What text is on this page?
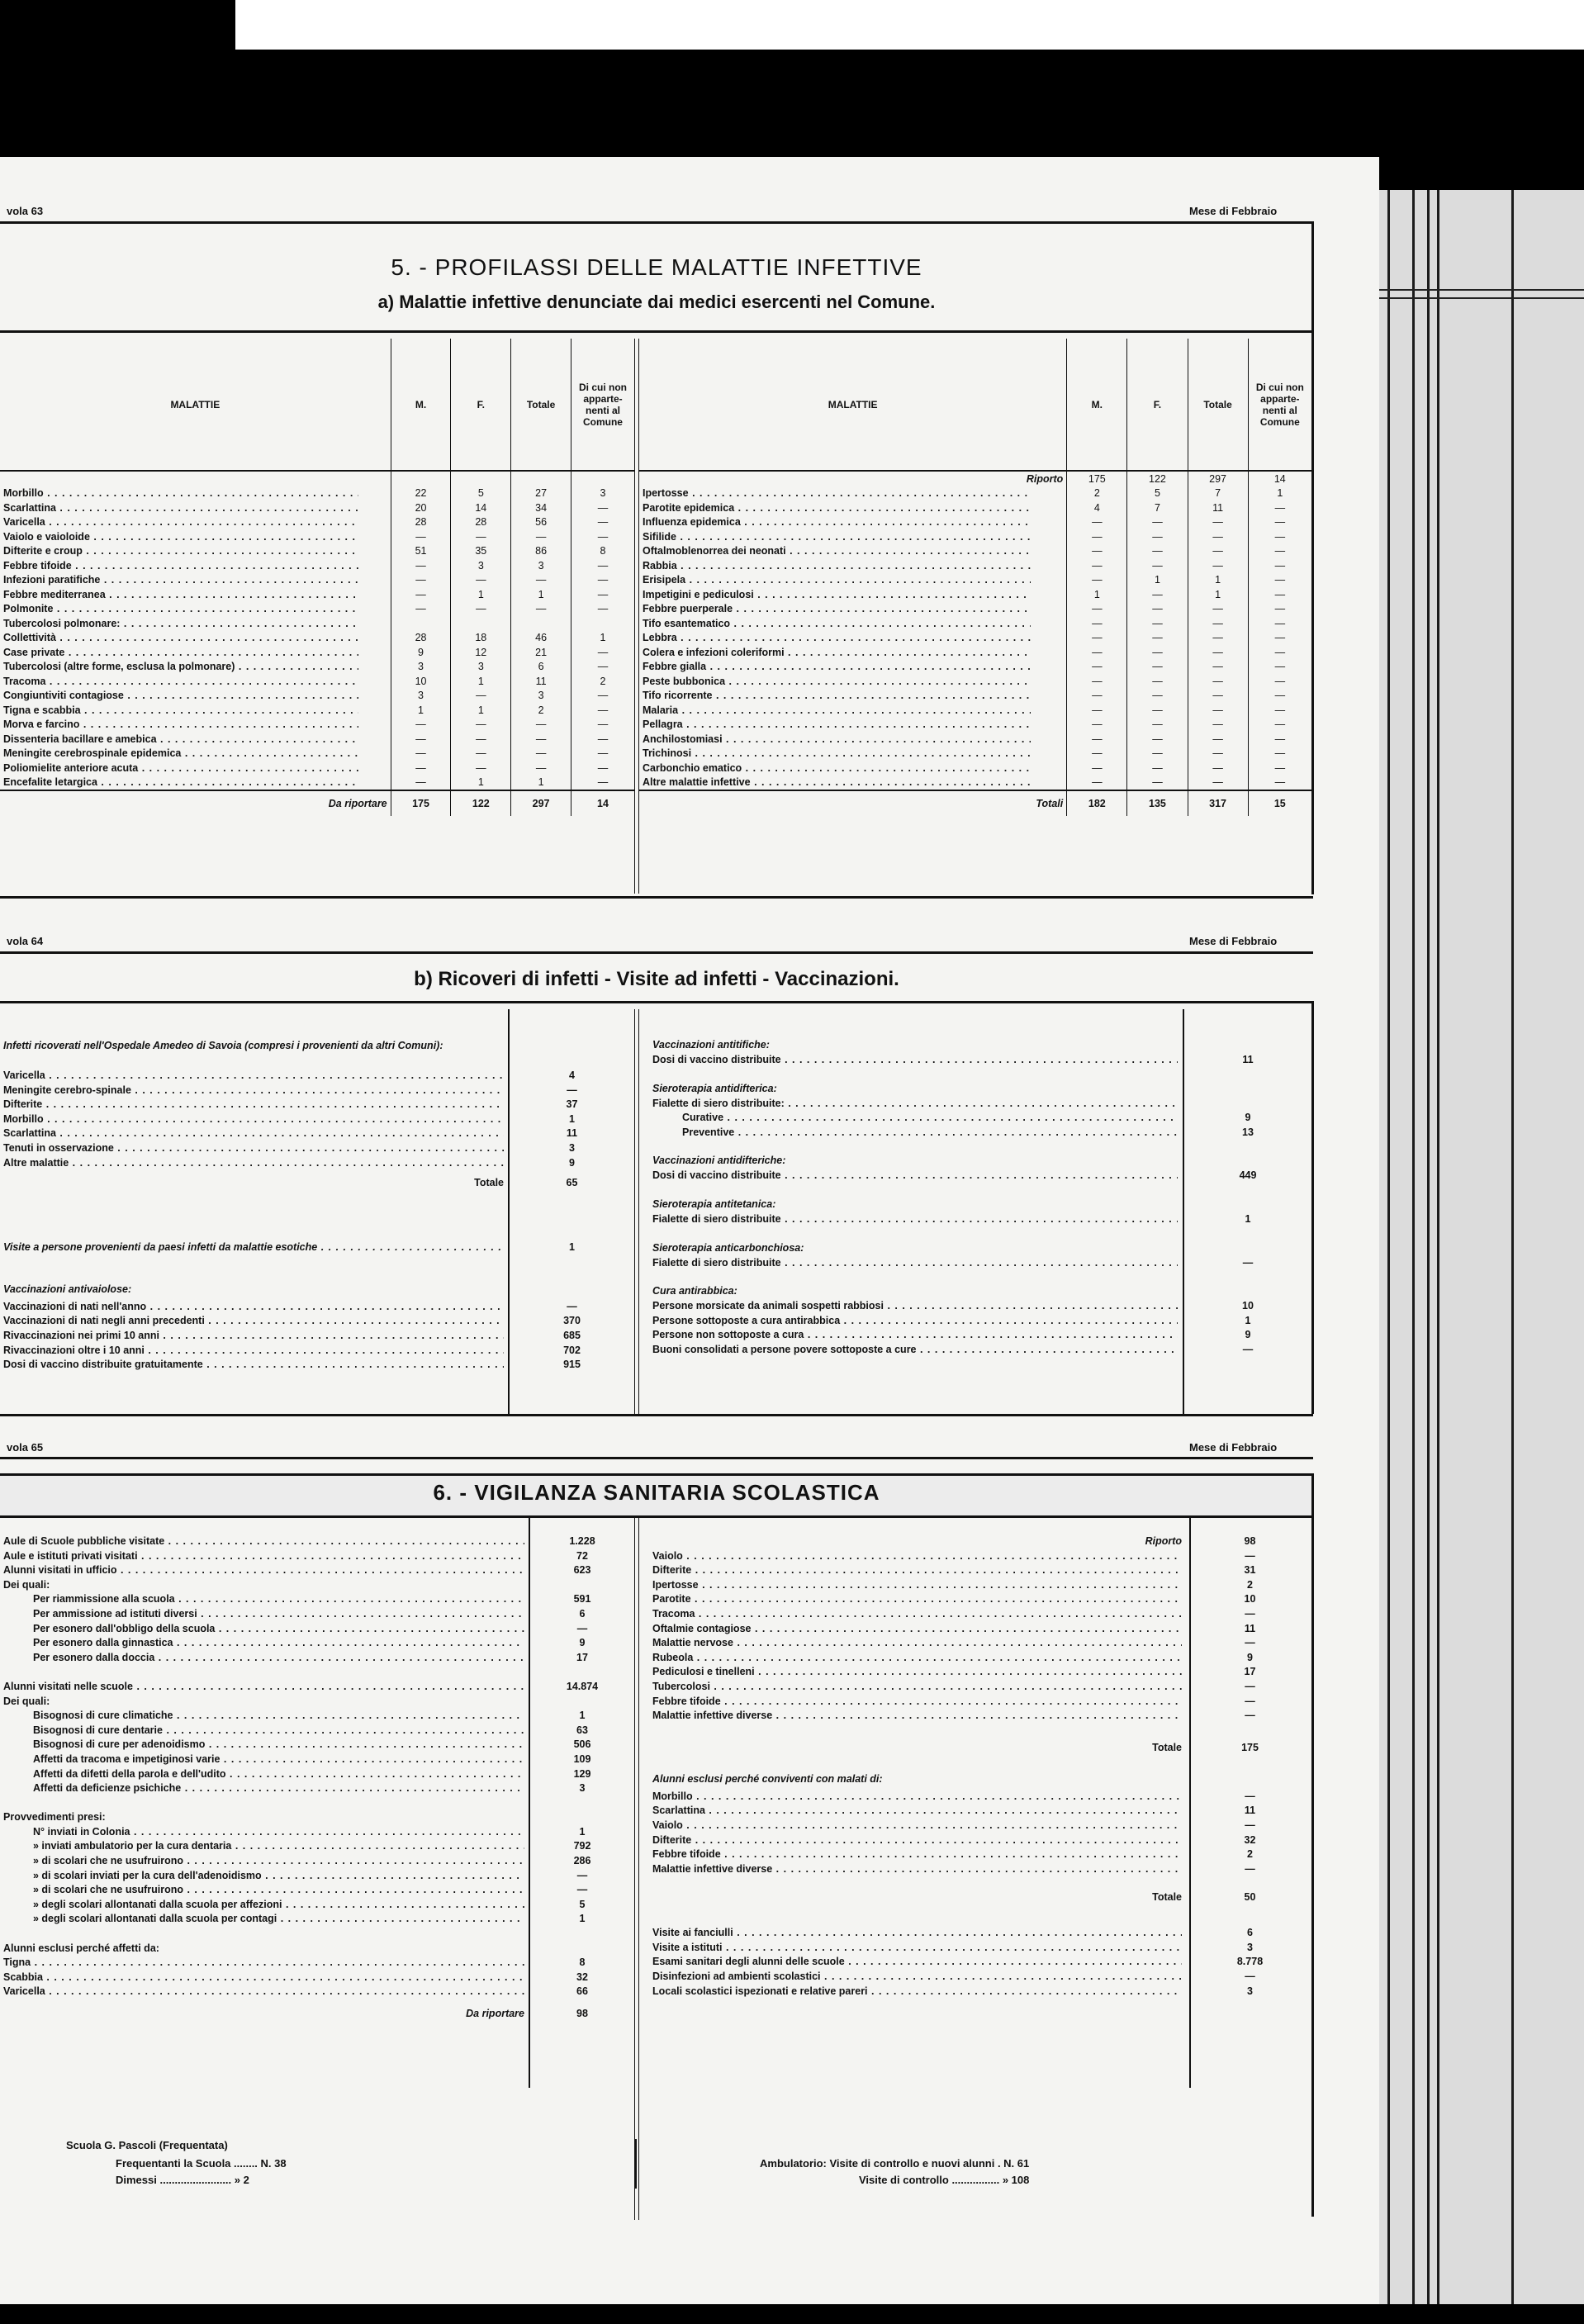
vola 63	Mese di Febbraio
5. - PROFILASSI DELLE MALATTIE INFETTIVE
a) Malattie infettive denunciate dai medici esercenti nel Comune.
MALATTIE	M.	F.	Totale	Di cui non apparte-nenti al Comune

Morbillo . . .	22	5	27	3

Scarlattina . . .	20	14	34	—

Varicella . . .	28	28	56	—

Vaiolo e vaioloide . . .	—	—	—	—

Difterite e croup . . .	51	35	86	8

Febbre tifoide . . .	—	3	3	—

Infezioni paratifiche . . .	—	—	—	—

Febbre mediterranea . . .	—	1	1	—

Polmonite . . .	—	—	—	—

Tubercolosi polmonare: . . .

Collettività . . .	28	18	46	1

Case private . . .	9	12	21	—

Tubercolosi (altre forme, esclusa la polmonare) . . .	3	3	6	—

Tracoma . . .	10	1	11	2

Congiuntiviti contagiose . . .	3	—	3	—

Tigna e scabbia . . .	1	1	2	—

Morva e farcino . . .	—	—	—	—

Dissenteria bacillare e amebica . . .	—	—	—	—

Meningite cerebrospinale epidemica . . .	—	—	—	—

Poliomielite anteriore acuta . . .	—	—	—	—

Encefalite letargica . . .	—	1	1	—
Da riportare	175	122	297	14
MALATTIE	M.	F.	Totale	Di cui non apparte-nenti al Comune
Riporto	175	122	297	14

Ipertosse . . .	2	5	7	1

Parotite epidemica . . .	4	7	11	—

Influenza epidemica . . .	—	—	—	—

Sifilide . . .	—	—	—	—

Oftalmoblenorrea dei neonati . . .	—	—	—	—

Rabbia . . .	—	—	—	—

Erisipela . . .	—	1	1	—

Impetigini e pediculosi . . .	1	—	1	—

Febbre puerperale . . .	—	—	—	—

Tifo esantematico . . .	—	—	—	—

Lebbra . . .	—	—	—	—

Colera e infezioni coleriformi . . .	—	—	—	—

Febbre gialla . . .	—	—	—	—

Peste bubbonica . . .	—	—	—	—

Tifo ricorrente . . .	—	—	—	—

Malaria . . .	—	—	—	—

Pellagra . . .	—	—	—	—

Anchilostomiasi . . .	—	—	—	—

Trichinosi . . .	—	—	—	—

Carbonchio ematico . . .	—	—	—	—

Altre malattie infettive . . .	—	—	—	—
Totali	182	135	317	15
vola 64	Mese di Febbraio
b) Ricoveri di infetti - Visite ad infetti - Vaccinazioni.
Infetti ricoverati nell'Ospedale Amedeo di Savoia (compresi i provenienti da altri Comuni):
Varicella . . .	4
Meningite cerebro-spinale . . .	—
Difterite . . .	37
Morbillo . . .	1
Scarlattina . . .	11
Tenuti in osservazione . . .	3
Altre malattie . . .	9
Totale	65
Visite a persone provenienti da paesi infetti da malattie esotiche . . .	1
Vaccinazioni antivaiolose:
Vaccinazioni di nati nell'anno . . .	—
Vaccinazioni di nati negli anni precedenti . . .	370
Rivaccinazioni nei primi 10 anni . . .	685
Rivaccinazioni oltre i 10 anni . . .	702
Dosi di vaccino distribuite gratuitamente . . .	915
Vaccinazioni antitifiche:
Dosi di vaccino distribuite . . .	11
Sieroterapia antidifterica:
Fialette di siero distribuite: . . .
Curative . . .	9
Preventive . . .	13
Vaccinazioni antidifteriche:
Dosi di vaccino distribuite . . .	449
Sieroterapia antitetanica:
Fialette di siero distribuite . . .	1
Sieroterapia anticarbonchiosa:
Fialette di siero distribuite . . .	—
Cura antirabbica:
Persone morsicate da animali sospetti rabbiosi . . .	10
Persone sottoposte a cura antirabbica . . .	1
Persone non sottoposte a cura . . .	9
Buoni consolidati a persone povere sottoposte a cure . . .	—
vola 65	Mese di Febbraio
6. - VIGILANZA SANITARIA SCOLASTICA
Aule di Scuole pubbliche visitate . . .	1.228
Aule e istituti privati visitati . . .	72
Alunni visitati in ufficio . . .	623
Dei quali:
Per riammissione alla scuola . . .	591
Per ammissione ad istituti diversi . . .	6
Per esonero dall'obbligo della scuola . . .	—
Per esonero dalla ginnastica . . .	9
Per esonero dalla doccia . . .	17
Alunni visitati nelle scuole . . .	14.874
Dei quali:
Bisognosi di cure climatiche . . .	1
Bisognosi di cure dentarie . . .	63
Bisognosi di cure per adenoidismo . . .	506
Affetti da tracoma e impetiginosi varie . . .	109
Affetti da difetti della parola e dell'udito . . .	129
Affetti da deficienze psichiche . . .	3
Provvedimenti presi:
N° inviati in Colonia . . .	1
» inviati ambulatorio per la cura dentaria . . .	792
» di scolari che ne usufruirono . . .	286
» di scolari inviati per la cura dell'adenoidismo . . .	—
» di scolari che ne usufruirono . . .	—
» degli scolari allontanati dalla scuola per affezioni . . .	5
» degli scolari allontanati dalla scuola per contagi . . .	1
Alunni esclusi perché affetti da:
Tigna . . .	8
Scabbia . . .	32
Varicella . . .	66
Da riportare	98
Riporto	98
Vaiolo . . .	—
Difterite . . .	31
Ipertosse . . .	2
Parotite . . .	10
Tracoma . . .	—
Oftalmie contagiose . . .	11
Malattie nervose . . .	—
Rubeola . . .	9
Pediculosi e tinelleni . . .	17
Tubercolosi . . .	—
Febbre tifoide . . .	—
Malattie infettive diverse . . .	—
Totale	175
Alunni esclusi perché conviventi con malati di:
Morbillo . . .	—
Scarlattina . . .	11
Vaiolo . . .	—
Difterite . . .	32
Febbre tifoide . . .	2
Malattie infettive diverse . . .	—
Totale	50
Visite ai fanciulli . . .	6
Visite a istituti . . .	3
Esami sanitari degli alunni delle scuole . . .	8.778
Disinfezioni ad ambienti scolastici . . .	—
Locali scolastici ispezionati e relative pareri . . .	3
Scuola G. Pascoli (Frequentata)
Frequentanti la Scuola ........ N. 38
Dimessi ........................ » 2
Ambulatorio: Visite di controllo e nuovi alunni . N. 61
Visite di controllo ................ » 108
